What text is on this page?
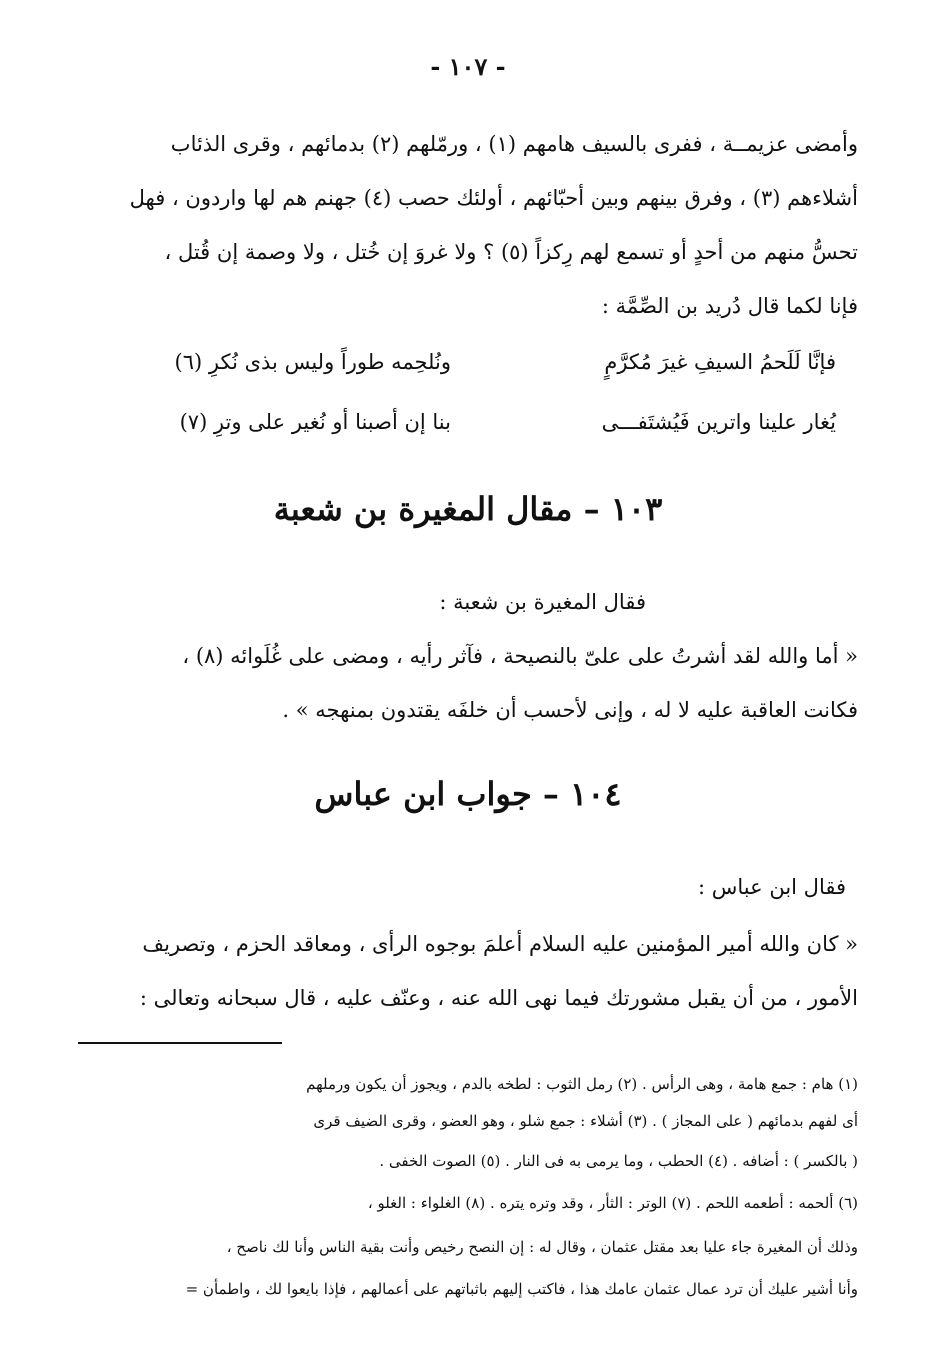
- ١٠٧ -
وأمضى عزيمــة ، ففرى بالسيف هامهم (١) ، ورمّلهم (٢) بدمائهم ، وقرى الذئاب
أشلاءهم (٣) ، وفرق بينهم وبين أحبّائهم ، أولئك حصب (٤) جهنم هم لها واردون ، فهل
تحسُّ منهم من أحدٍ أو تسمع لهم رِكزاً (٥) ؟ ولا غروَ إن خُتل ، ولا وصمة إن قُتل ،
فإنا لكما قال دُريد بن الصِّمَّة :
فإنَّا لَلَحمُ السيفِ غيرَ مُكرَّمٍ
ونُلحِمه طوراً وليس بذى نُكرِ (٦)
يُغار علينا واترين فَيُشتَفـــى
بنا إن أصبنا أو نُغير على وترِ (٧)
١٠٣ – مقال المغيرة بن شعبة
فقال المغيرة بن شعبة :
« أما والله لقد أشرتُ على علىّ بالنصيحة ، فآثر رأيه ، ومضى على غُلَوائه (٨) ،
فكانت العاقبة عليه لا له ، وإنى لأحسب أن خلفَه يقتدون بمنهجه » .
١٠٤ – جواب ابن عباس
فقال ابن عباس :
« كان والله أمير المؤمنين عليه السلام أعلمَ بوجوه الرأى ، ومعاقد الحزم ، وتصريف
الأمور ، من أن يقبل مشورتك فيما نهى الله عنه ، وعنّف عليه ، قال سبحانه وتعالى :
(١) هام : جمع هامة ، وهى الرأس . (٢) رمل الثوب : لطخه بالدم ، ويجوز أن يكون ورملهم
أى لفهم بدمائهم ( على المجاز ) . (٣) أشلاء : جمع شلو ، وهو العضو ، وقرى الضيف قرى
( بالكسر ) : أضافه . (٤) الحطب ، وما يرمى به فى النار . (٥) الصوت الخفى .
(٦) ألحمه : أطعمه اللحم . (٧) الوتر : الثأر ، وقد وتره يتره . (٨) الغلواء : الغلو ،
وذلك أن المغيرة جاء عليا بعد مقتل عثمان ، وقال له : إن النصح رخيص وأنت بقية الناس وأنا لك ناصح ،
وأنا أشير عليك أن ترد عمال عثمان عامك هذا ، فاكتب إليهم باثباتهم على أعمالهم ، فإذا بايعوا لك ، واطمأن =
